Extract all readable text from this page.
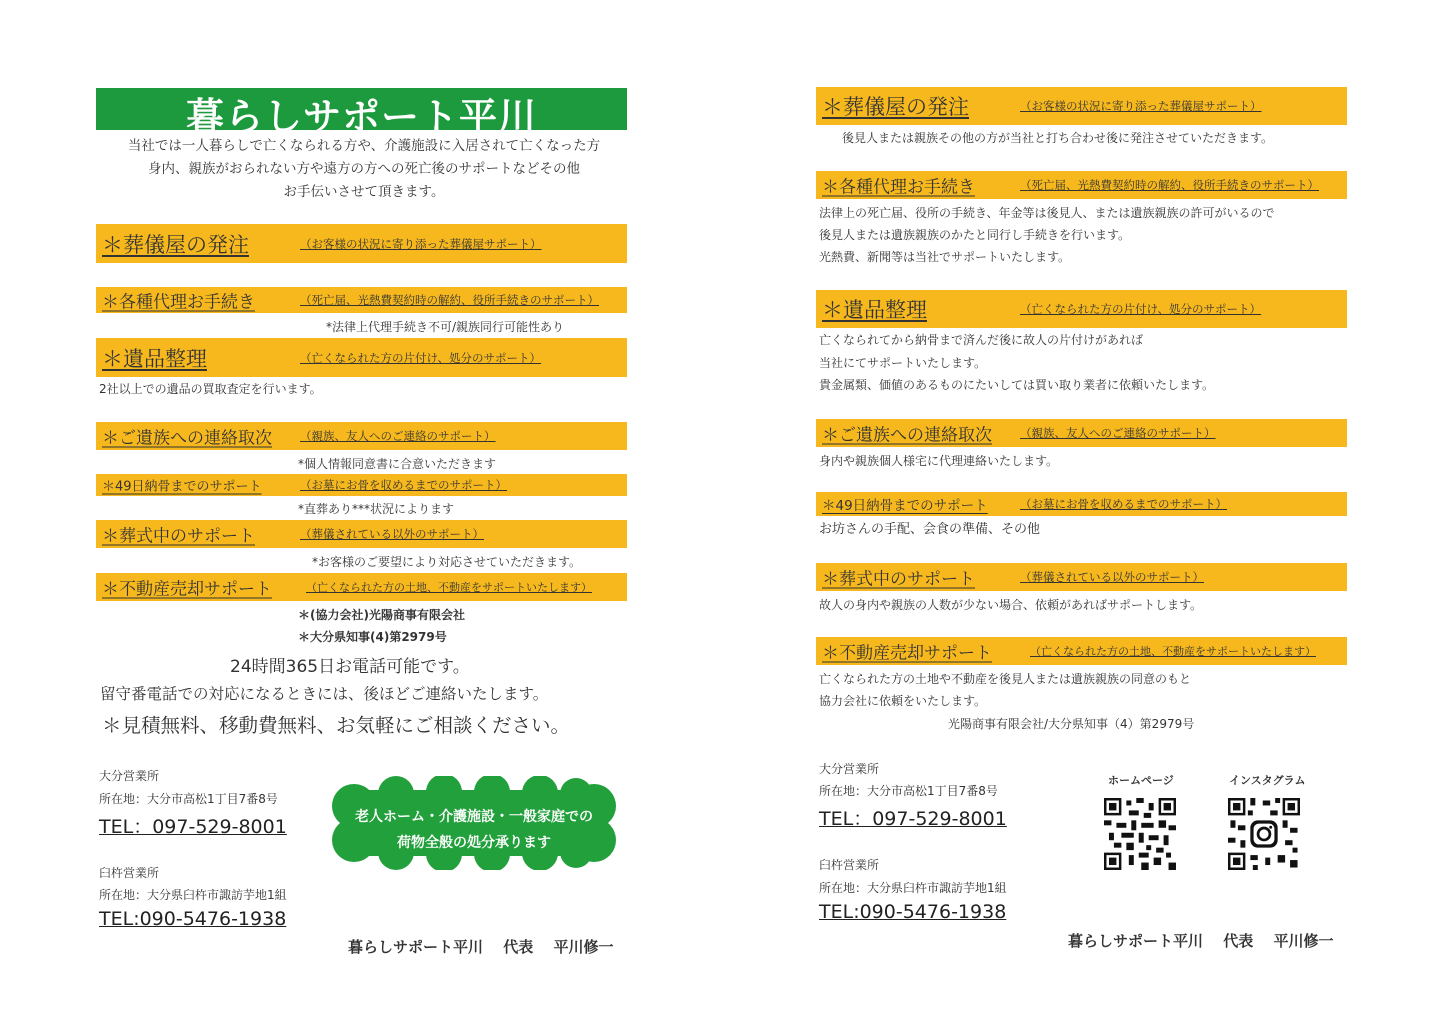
暮らしサポート平川
当社では一人暮らしで亡くなられる方や、介護施設に入居されて亡くなった方
身内、親族がおられない方や遠方の方への死亡後のサポートなどその他
お手伝いさせて頂きます。
＊葬儀屋の発注	（お客様の状況に寄り添った葬儀屋サポート）
＊各種代理お手続き	（死亡届、光熱費契約時の解約、役所手続きのサポート）
*法律上代理手続き不可/親族同行可能性あり
＊遺品整理	（亡くなられた方の片付け、処分のサポート）
2社以上での遺品の買取査定を行います。
＊ご遺族への連絡取次 （親族、友人へのご連絡のサポート）
*個人情報同意書に合意いただきます
＊49日納骨までのサポート	（お墓にお骨を収めるまでのサポート）
*直葬あり***状況によります
＊葬式中のサポート	（葬儀されている以外のサポート）
*お客様のご要望により対応させていただきます。
＊不動産売却サポート	（亡くなられた方の土地、不動産をサポートいたします）
＊(協力会社)光陽商事有限会社
＊大分県知事(4)第2979号
24時間365日お電話可能です。
留守番電話での対応になるときには、後ほどご連絡いたします。
＊見積無料、移動費無料、お気軽にご相談ください。
大分営業所
所在地：大分市高松1丁目7番8号
TEL：097-529-8001
臼杵営業所
所在地：大分県臼杵市諏訪芋地1組
TEL:090-5476-1938
老人ホーム・介護施設・一般家庭での
荷物全般の処分承ります
暮らしサポート平川　 代表　 平川修一
＊葬儀屋の発注	（お客様の状況に寄り添った葬儀屋サポート）
後見人または親族その他の方が当社と打ち合わせ後に発注させていただきます。
＊各種代理お手続き	（死亡届、光熱費契約時の解約、役所手続きのサポート）
法律上の死亡届、役所の手続き、年金等は後見人、または遺族親族の許可がいるので
後見人または遺族親族のかたと同行し手続きを行います。
光熱費、新聞等は当社でサポートいたします。
＊遺品整理	（亡くなられた方の片付け、処分のサポート）
亡くなられてから納骨まで済んだ後に故人の片付けがあれば
当社にてサポートいたします。
貴金属類、価値のあるものにたいしては買い取り業者に依頼いたします。
＊ご遺族への連絡取次 （親族、友人へのご連絡のサポート）
身内や親族個人様宅に代理連絡いたします。
＊49日納骨までのサポート	（お墓にお骨を収めるまでのサポート）
お坊さんの手配、会食の準備、その他
＊葬式中のサポート	（葬儀されている以外のサポート）
故人の身内や親族の人数が少ない場合、依頼があればサポートします。
＊不動産売却サポート	（亡くなられた方の土地、不動産をサポートいたします）
亡くなられた方の土地や不動産を後見人または遺族親族の同意のもと
協力会社に依頼をいたします。
光陽商事有限会社/大分県知事（4）第2979号
大分営業所
所在地：大分市高松1丁目7番8号
TEL：097-529-8001
臼杵営業所
所在地：大分県臼杵市諏訪芋地1組
TEL:090-5476-1938
ホームページ	インスタグラム
暮らしサポート平川　 代表　 平川修一
